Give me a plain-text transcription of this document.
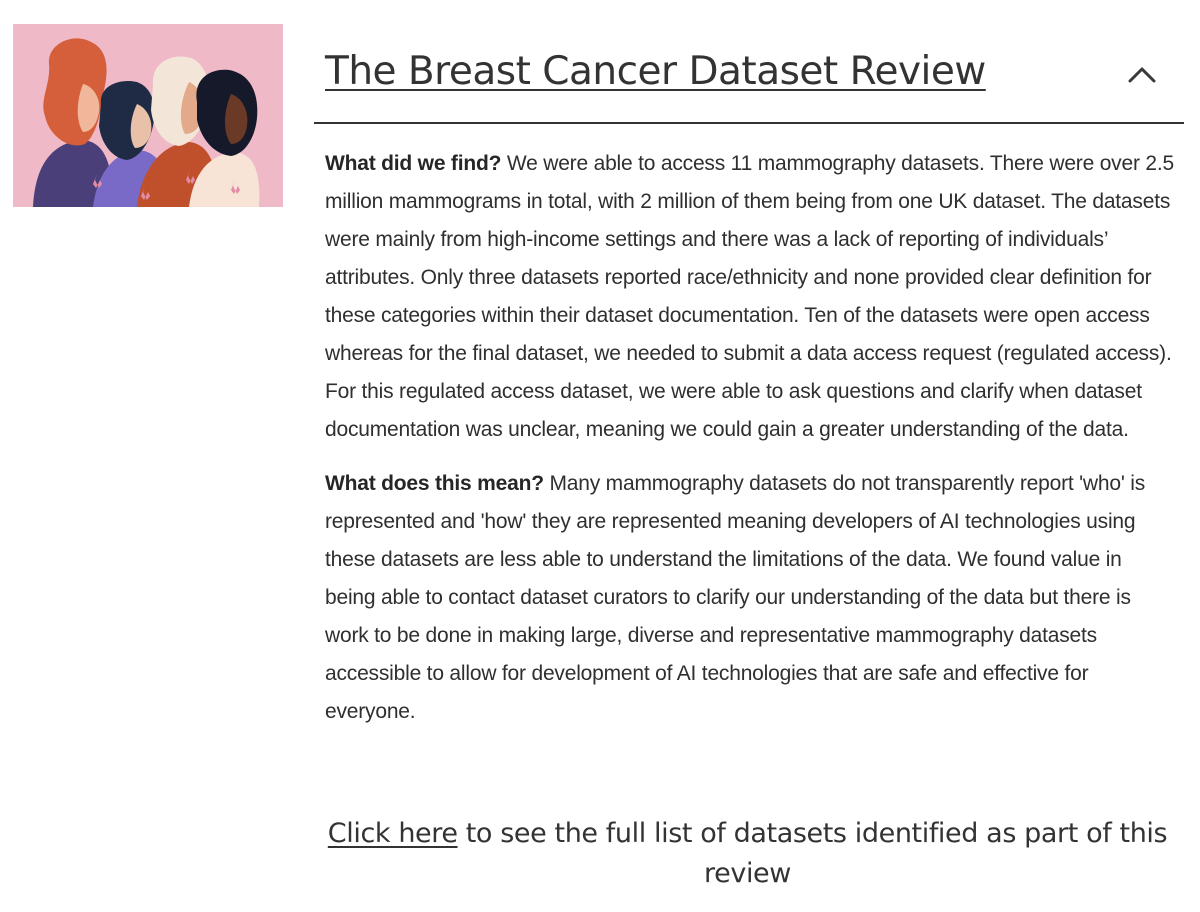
The Breast Cancer Dataset Review

What did we find? We were able to access 11 mammography datasets. There were over 2.5 million mammograms in total, with 2 million of them being from one UK dataset. The datasets were mainly from high-income settings and there was a lack of reporting of individuals’ attributes. Only three datasets reported race/ethnicity and none provided clear definition for these categories within their dataset documentation. Ten of the datasets were open access whereas for the final dataset, we needed to submit a data access request (regulated access). For this regulated access dataset, we were able to ask questions and clarify when dataset documentation was unclear, meaning we could gain a greater understanding of the data.

What does this mean? Many mammography datasets do not transparently report 'who' is represented and 'how' they are represented meaning developers of AI technologies using these datasets are less able to understand the limitations of the data. We found value in being able to contact dataset curators to clarify our understanding of the data but there is work to be done in making large, diverse and representative mammography datasets accessible to allow for development of AI technologies that are safe and effective for everyone.

Click here to see the full list of datasets identified as part of this review
